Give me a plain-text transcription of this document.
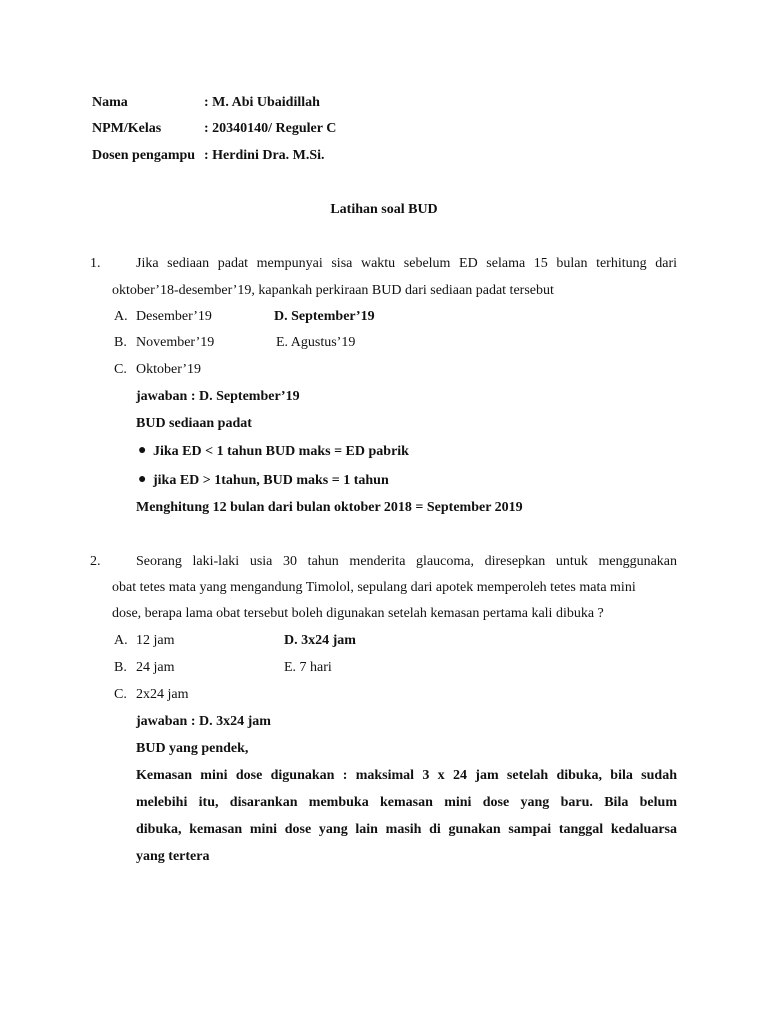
Nama	: M. Abi Ubaidillah
NPM/Kelas	: 20340140/ Reguler C
Dosen pengampu : Herdini Dra. M.Si.
Latihan soal BUD
1.	Jika sediaan padat mempunyai sisa waktu sebelum ED selama 15 bulan terhitung dari
oktober’18-desember’19, kapankah perkiraan BUD dari sediaan padat tersebut
A. Desember’19	D. September’19
B. November’19	E. Agustus’19
C. Oktober’19
jawaban : D. September’19
BUD sediaan padat
● Jika ED < 1 tahun BUD maks = ED pabrik
● jika ED > 1tahun, BUD maks = 1 tahun
Menghitung 12 bulan dari bulan oktober 2018 = September 2019
2.	Seorang laki-laki usia 30 tahun menderita glaucoma, diresepkan untuk menggunakan
obat tetes mata yang mengandung Timolol, sepulang dari apotek memperoleh tetes mata mini
dose, berapa lama obat tersebut boleh digunakan setelah kemasan pertama kali dibuka ?
A. 12 jam	D. 3x24 jam
B. 24 jam	E. 7 hari
C. 2x24 jam
jawaban : D. 3x24 jam
BUD yang pendek,
Kemasan mini dose digunakan : maksimal 3 x 24 jam setelah dibuka, bila sudah
melebihi itu, disarankan membuka kemasan mini dose yang baru. Bila belum
dibuka, kemasan mini dose yang lain masih di gunakan sampai tanggal kedaluarsa
yang tertera
